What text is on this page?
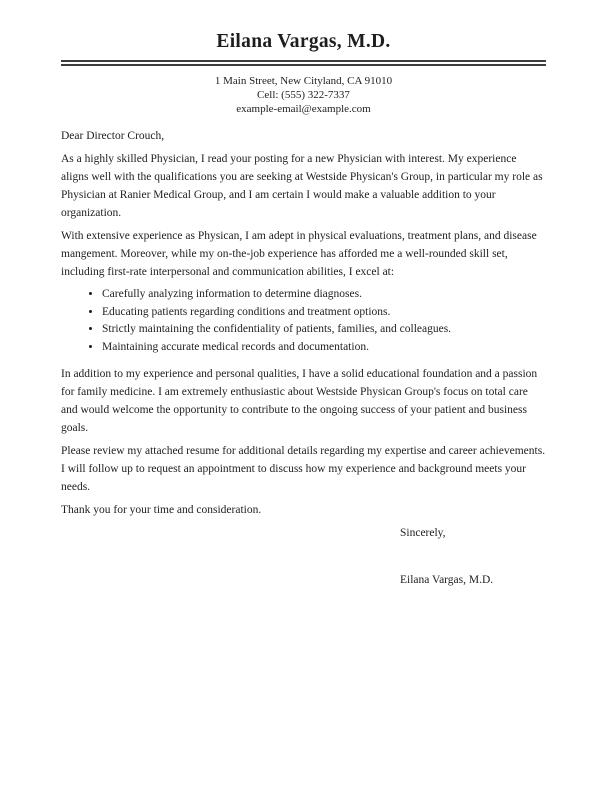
Eilana Vargas, M.D.
1 Main Street, New Cityland, CA 91010
Cell: (555) 322-7337
example-email@example.com

Dear Director Crouch,

As a highly skilled Physician, I read your posting for a new Physician with interest. My experience aligns well with the qualifications you are seeking at Westside Physican's Group, in particular my role as Physician at Ranier Medical Group, and I am certain I would make a valuable addition to your organization.

With extensive experience as Physican, I am adept in physical evaluations, treatment plans, and disease mangement. Moreover, while my on-the-job experience has afforded me a well-rounded skill set, including first-rate interpersonal and communication abilities, I excel at:

• Carefully analyzing information to determine diagnoses.
• Educating patients regarding conditions and treatment options.
• Strictly maintaining the confidentiality of patients, families, and colleagues.
• Maintaining accurate medical records and documentation.

In addition to my experience and personal qualities, I have a solid educational foundation and a passion for family medicine. I am extremely enthusiastic about Westside Physican Group's focus on total care and would welcome the opportunity to contribute to the ongoing success of your patient and business goals.

Please review my attached resume for additional details regarding my expertise and career achievements. I will follow up to request an appointment to discuss how my experience and background meets your needs.

Thank you for your time and consideration.

Sincerely,

Eilana Vargas, M.D.
